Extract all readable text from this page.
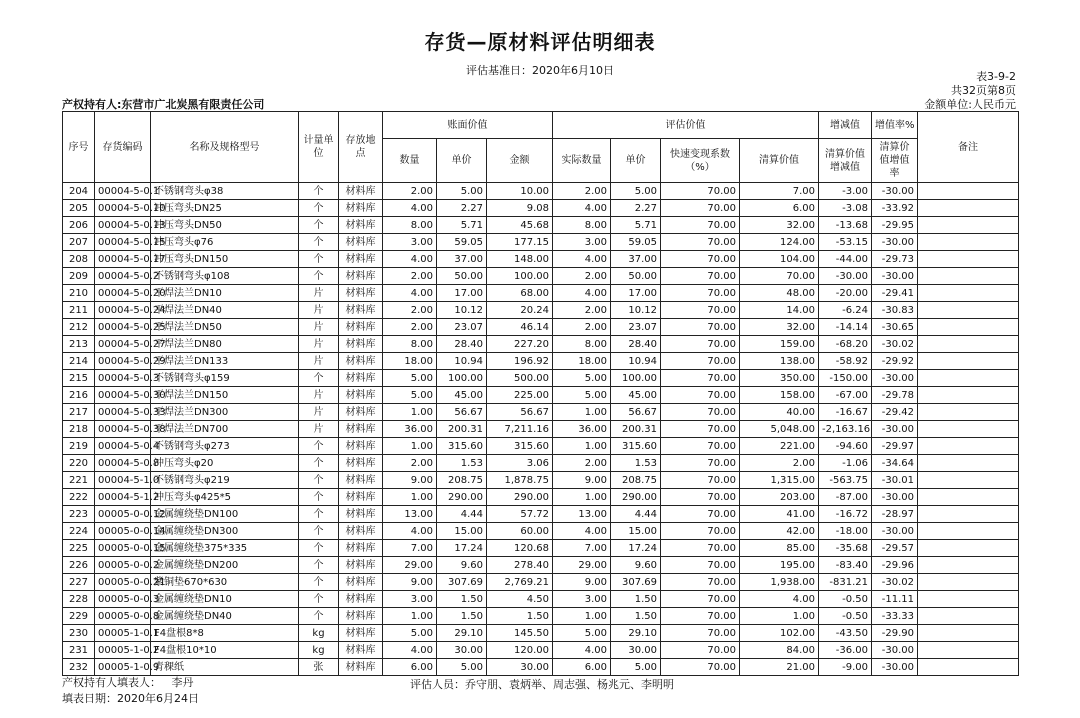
存货—原材料评估明细表
评估基准日：2020年6月10日	表3-9-2
共32页第8页
金额单位:人民币元
产权持有人:东营市广北炭黑有限责任公司
序号	存货编码	名称及规格型号	计量单位	存放地点	账面价值			评估价值				增减值	增值率%	备注
					数量	单价	金额	实际数量	单价	快速变现系数（%）	清算价值	清算价值增减值	清算价值增值率	
204	00004-5-0.1	不锈钢弯头φ38	个	材料库	2.00	5.00	10.00	2.00	5.00	70.00	7.00	-3.00	-30.00	
205	00004-5-0.10	冲压弯头DN25	个	材料库	4.00	2.27	9.08	4.00	2.27	70.00	6.00	-3.08	-33.92	
206	00004-5-0.13	冲压弯头DN50	个	材料库	8.00	5.71	45.68	8.00	5.71	70.00	32.00	-13.68	-29.95	
207	00004-5-0.15	冲压弯头φ76	个	材料库	3.00	59.05	177.15	3.00	59.05	70.00	124.00	-53.15	-30.00	
208	00004-5-0.17	冲压弯头DN150	个	材料库	4.00	37.00	148.00	4.00	37.00	70.00	104.00	-44.00	-29.73	
209	00004-5-0.2	不锈钢弯头φ108	个	材料库	2.00	50.00	100.00	2.00	50.00	70.00	70.00	-30.00	-30.00	
210	00004-5-0.20	平焊法兰DN10	片	材料库	4.00	17.00	68.00	4.00	17.00	70.00	48.00	-20.00	-29.41	
211	00004-5-0.24	平焊法兰DN40	片	材料库	2.00	10.12	20.24	2.00	10.12	70.00	14.00	-6.24	-30.83	
212	00004-5-0.25	平焊法兰DN50	片	材料库	2.00	23.07	46.14	2.00	23.07	70.00	32.00	-14.14	-30.65	
213	00004-5-0.27	平焊法兰DN80	片	材料库	8.00	28.40	227.20	8.00	28.40	70.00	159.00	-68.20	-30.02	
214	00004-5-0.29	平焊法兰DN133	片	材料库	18.00	10.94	196.92	18.00	10.94	70.00	138.00	-58.92	-29.92	
215	00004-5-0.3	不锈钢弯头φ159	个	材料库	5.00	100.00	500.00	5.00	100.00	70.00	350.00	-150.00	-30.00	
216	00004-5-0.30	平焊法兰DN150	片	材料库	5.00	45.00	225.00	5.00	45.00	70.00	158.00	-67.00	-29.78	
217	00004-5-0.33	平焊法兰DN300	片	材料库	1.00	56.67	56.67	1.00	56.67	70.00	40.00	-16.67	-29.42	
218	00004-5-0.38	平焊法兰DN700	片	材料库	36.00	200.31	7,211.16	36.00	200.31	70.00	5,048.00	-2,163.16	-30.00	
219	00004-5-0.4	不锈钢弯头φ273	个	材料库	1.00	315.60	315.60	1.00	315.60	70.00	221.00	-94.60	-29.97	
220	00004-5-0.8	冲压弯头φ20	个	材料库	2.00	1.53	3.06	2.00	1.53	70.00	2.00	-1.06	-34.64	
221	00004-5-1.0	不锈钢弯头φ219	个	材料库	9.00	208.75	1,878.75	9.00	208.75	70.00	1,315.00	-563.75	-30.01	
222	00004-5-1.2	冲压弯头φ425*5	个	材料库	1.00	290.00	290.00	1.00	290.00	70.00	203.00	-87.00	-30.00	
223	00005-0-0.12	金属缠绕垫DN100	个	材料库	13.00	4.44	57.72	13.00	4.44	70.00	41.00	-16.72	-28.97	
224	00005-0-0.14	金属缠绕垫DN300	个	材料库	4.00	15.00	60.00	4.00	15.00	70.00	42.00	-18.00	-30.00	
225	00005-0-0.15	金属缠绕垫375*335	个	材料库	7.00	17.24	120.68	7.00	17.24	70.00	85.00	-35.68	-29.57	
226	00005-0-0.2	金属缠绕垫DN200	个	材料库	29.00	9.60	278.40	29.00	9.60	70.00	195.00	-83.40	-29.96	
227	00005-0-0.21	紫铜垫670*630	个	材料库	9.00	307.69	2,769.21	9.00	307.69	70.00	1,938.00	-831.21	-30.02	
228	00005-0-0.3	金属缠绕垫DN10	个	材料库	3.00	1.50	4.50	3.00	1.50	70.00	4.00	-0.50	-11.11	
229	00005-0-0.8	金属缠绕垫DN40	个	材料库	1.00	1.50	1.50	1.00	1.50	70.00	1.00	-0.50	-33.33	
230	00005-1-0.1	F4盘根8*8	kg	材料库	5.00	29.10	145.50	5.00	29.10	70.00	102.00	-43.50	-29.90	
231	00005-1-0.2	F4盘根10*10	kg	材料库	4.00	30.00	120.00	4.00	30.00	70.00	84.00	-36.00	-30.00	
232	00005-1-0.9	青稞纸	张	材料库	6.00	5.00	30.00	6.00	5.00	70.00	21.00	-9.00	-30.00	
产权持有人填表人： 李丹
填表日期：2020年6月24日
评估人员：乔守朋、袁炳举、周志强、杨兆元、李明明
